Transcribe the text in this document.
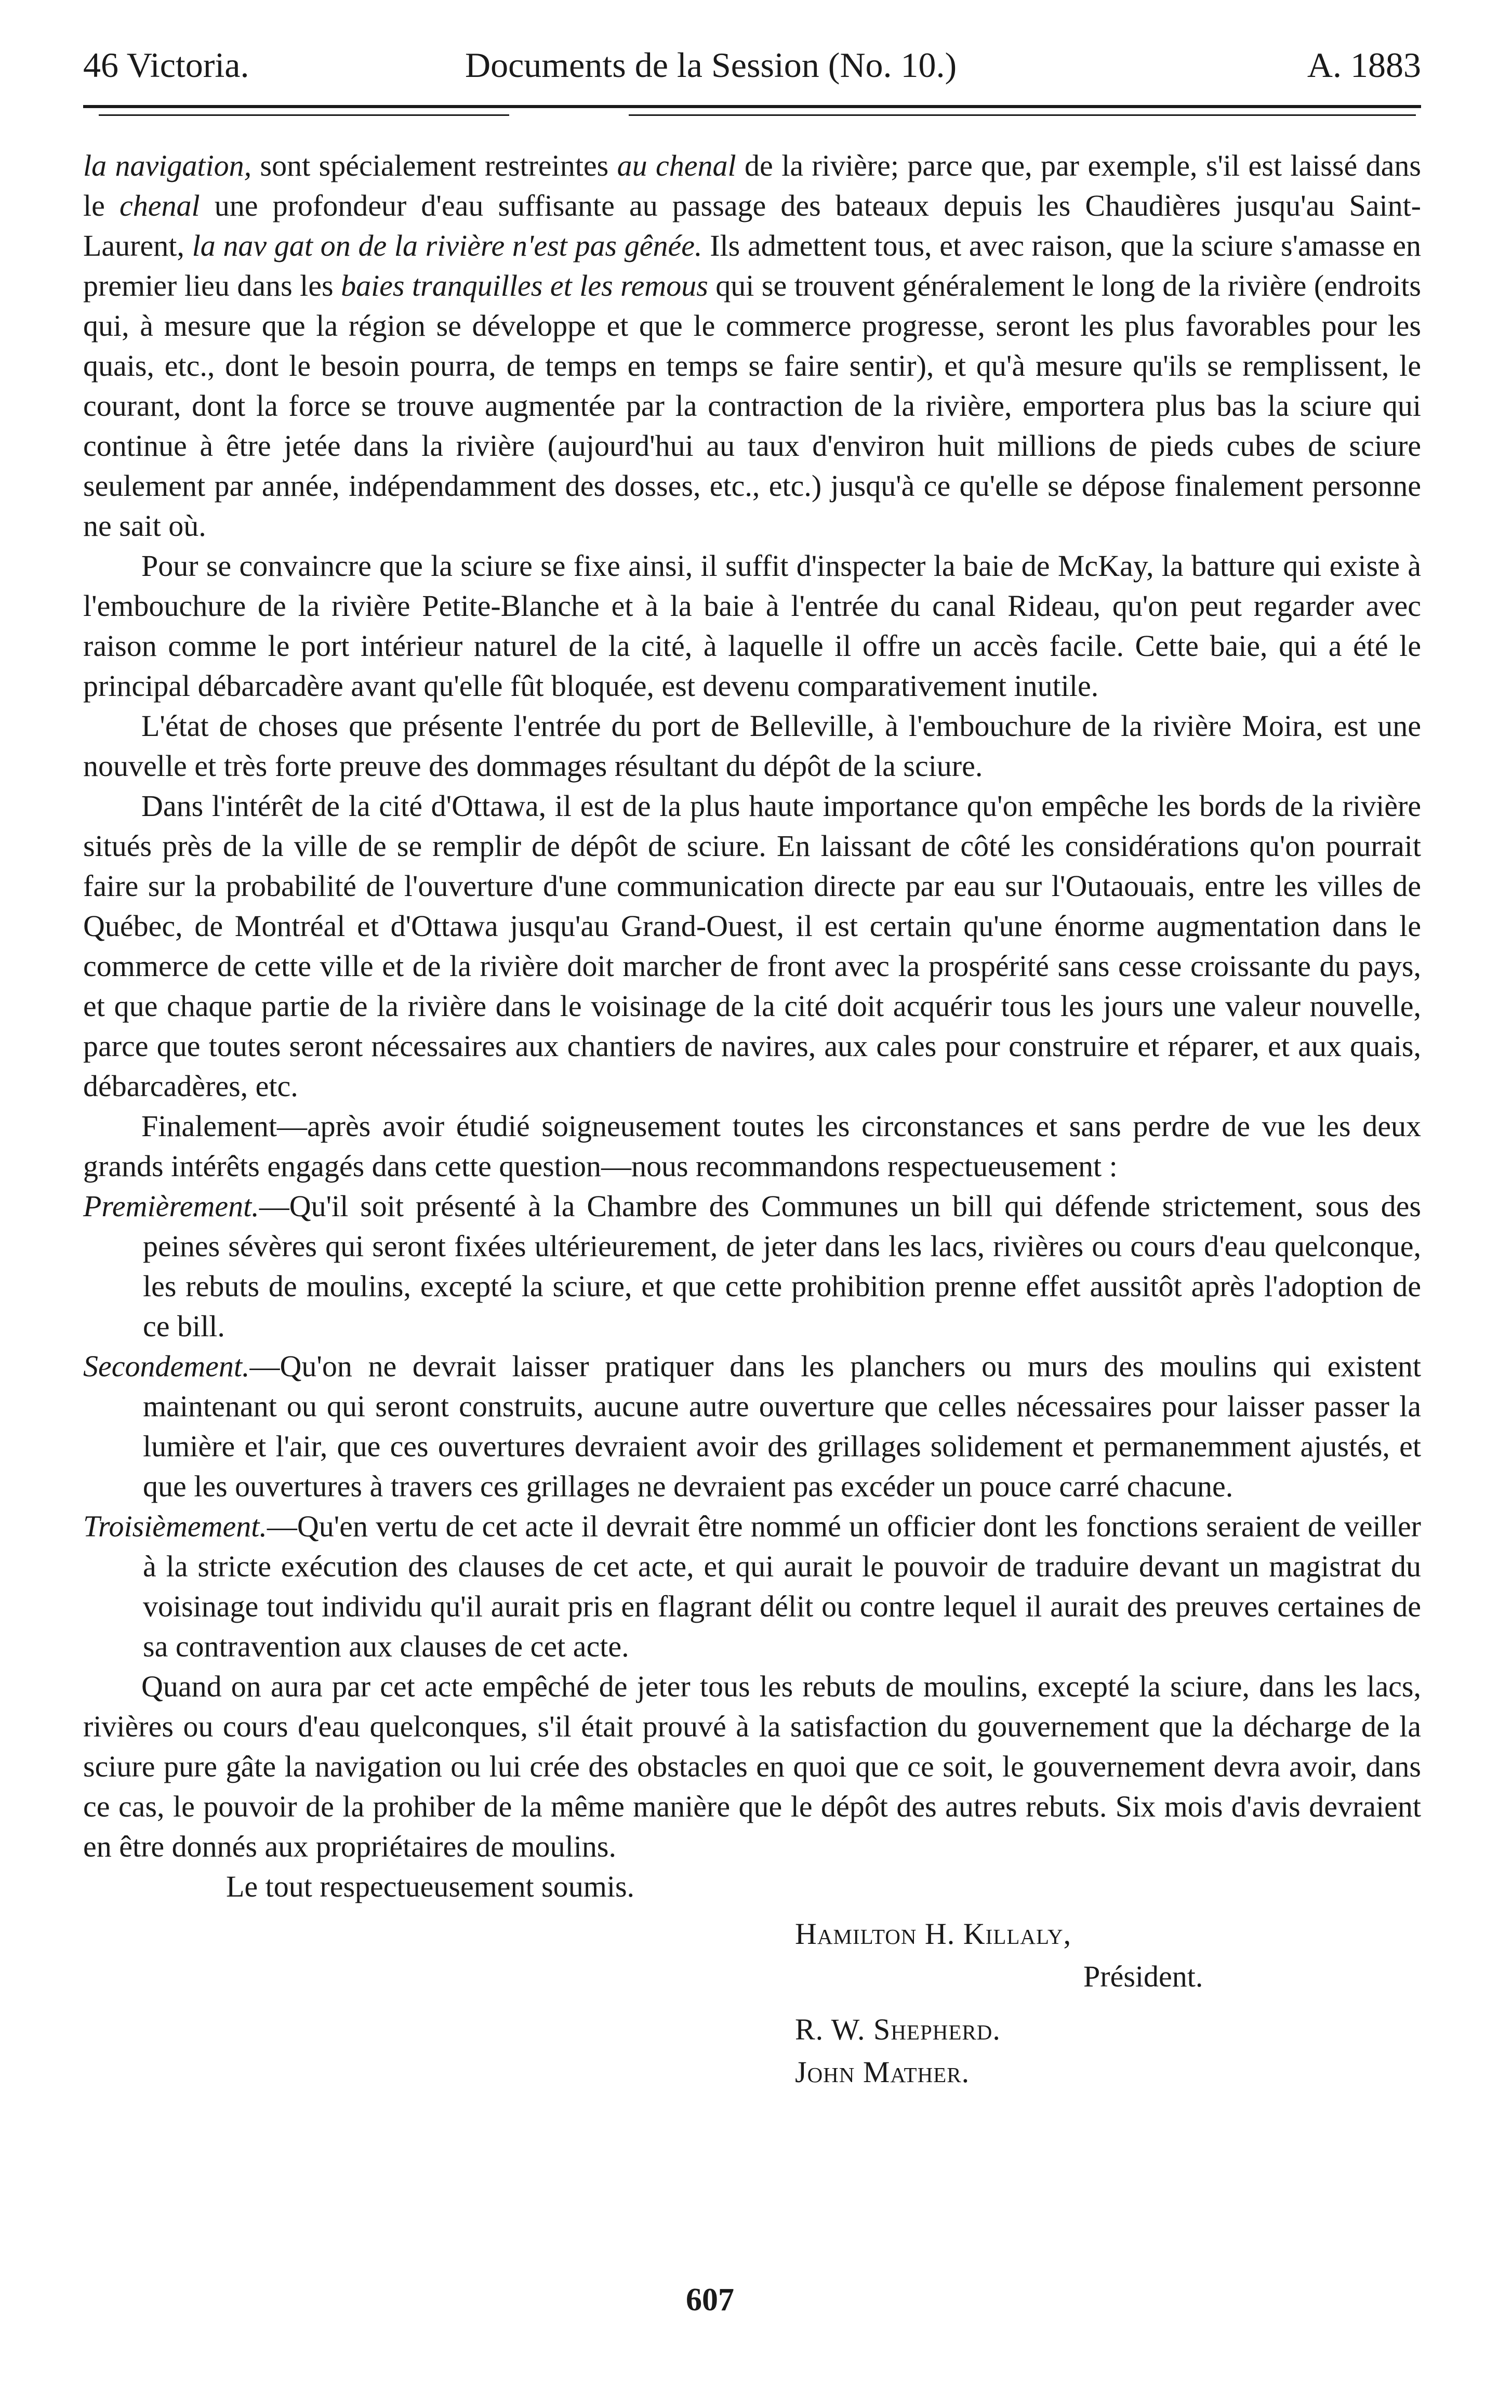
46 Victoria.	Documents de la Session (No. 10.)	A. 1883

la navigation, sont spécialement restreintes au chenal de la rivière; parce que, par exemple, s'il est laissé dans le chenal une profondeur d'eau suffisante au passage des bateaux depuis les Chaudières jusqu'au Saint-Laurent, la nav gat on de la rivière n'est pas gênée. Ils admettent tous, et avec raison, que la sciure s'amasse en premier lieu dans les baies tranquilles et les remous qui se trouvent généralement le long de la rivière (endroits qui, à mesure que la région se développe et que le commerce progresse, seront les plus favorables pour les quais, etc., dont le besoin pourra, de temps en temps se faire sentir), et qu'à mesure qu'ils se remplissent, le courant, dont la force se trouve augmentée par la contraction de la rivière, emportera plus bas la sciure qui continue à être jetée dans la rivière (aujourd'hui au taux d'environ huit millions de pieds cubes de sciure seulement par année, indépendamment des dosses, etc., etc.) jusqu'à ce qu'elle se dépose finalement personne ne sait où.

Pour se convaincre que la sciure se fixe ainsi, il suffit d'inspecter la baie de McKay, la batture qui existe à l'embouchure de la rivière Petite-Blanche et à la baie à l'entrée du canal Rideau, qu'on peut regarder avec raison comme le port intérieur naturel de la cité, à laquelle il offre un accès facile. Cette baie, qui a été le principal débarcadère avant qu'elle fût bloquée, est devenu comparativement inutile.

L'état de choses que présente l'entrée du port de Belleville, à l'embouchure de la rivière Moira, est une nouvelle et très forte preuve des dommages résultant du dépôt de la sciure.

Dans l'intérêt de la cité d'Ottawa, il est de la plus haute importance qu'on empêche les bords de la rivière situés près de la ville de se remplir de dépôt de sciure. En laissant de côté les considérations qu'on pourrait faire sur la probabilité de l'ouverture d'une communication directe par eau sur l'Outaouais, entre les villes de Québec, de Montréal et d'Ottawa jusqu'au Grand-Ouest, il est certain qu'une énorme augmentation dans le commerce de cette ville et de la rivière doit marcher de front avec la prospérité sans cesse croissante du pays, et que chaque partie de la rivière dans le voisinage de la cité doit acquérir tous les jours une valeur nouvelle, parce que toutes seront nécessaires aux chantiers de navires, aux cales pour construire et réparer, et aux quais, débarcadères, etc.

Finalement—après avoir étudié soigneusement toutes les circonstances et sans perdre de vue les deux grands intérêts engagés dans cette question—nous recommandons respectueusement :

Premièrement.—Qu'il soit présenté à la Chambre des Communes un bill qui défende strictement, sous des peines sévères qui seront fixées ultérieurement, de jeter dans les lacs, rivières ou cours d'eau quelconque, les rebuts de moulins, excepté la sciure, et que cette prohibition prenne effet aussitôt après l'adoption de ce bill.

Secondement.—Qu'on ne devrait laisser pratiquer dans les planchers ou murs des moulins qui existent maintenant ou qui seront construits, aucune autre ouverture que celles nécessaires pour laisser passer la lumière et l'air, que ces ouvertures devraient avoir des grillages solidement et permanemment ajustés, et que les ouvertures à travers ces grillages ne devraient pas excéder un pouce carré chacune.

Troisièmement.—Qu'en vertu de cet acte il devrait être nommé un officier dont les fonctions seraient de veiller à la stricte exécution des clauses de cet acte, et qui aurait le pouvoir de traduire devant un magistrat du voisinage tout individu qu'il aurait pris en flagrant délit ou contre lequel il aurait des preuves certaines de sa contravention aux clauses de cet acte.

Quand on aura par cet acte empêché de jeter tous les rebuts de moulins, excepté la sciure, dans les lacs, rivières ou cours d'eau quelconques, s'il était prouvé à la satisfaction du gouvernement que la décharge de la sciure pure gâte la navigation ou lui crée des obstacles en quoi que ce soit, le gouvernement devra avoir, dans ce cas, le pouvoir de la prohiber de la même manière que le dépôt des autres rebuts. Six mois d'avis devraient en être donnés aux propriétaires de moulins.

Le tout respectueusement soumis.
Hamilton H. Killaly,
Président.
R. W. Shepherd.
John Mather.
607
